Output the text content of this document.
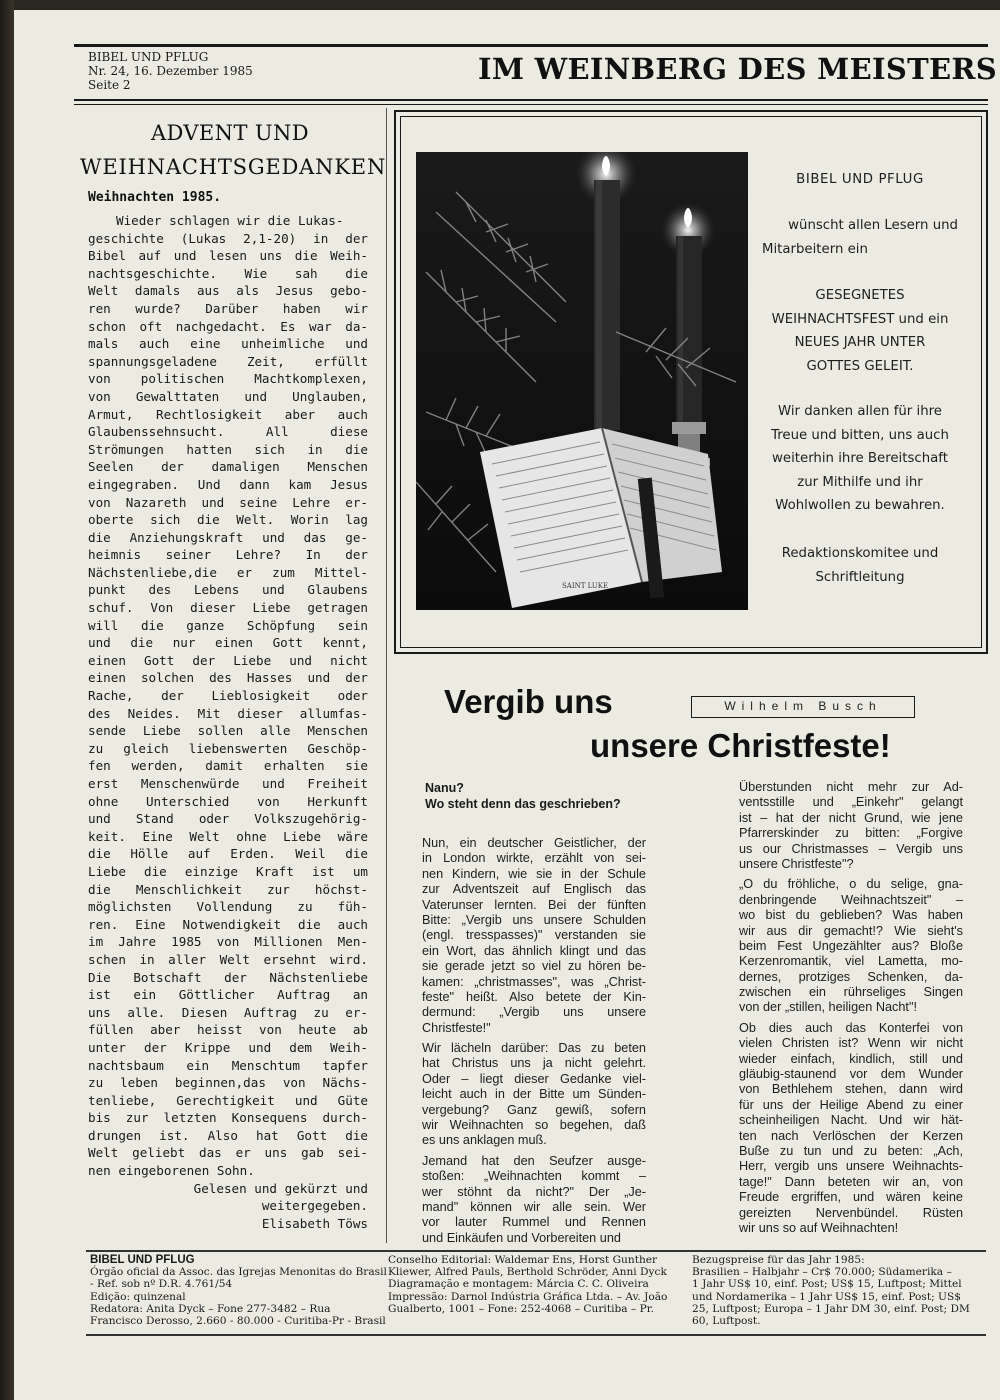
BIBEL UND PFLUG
Nr. 24, 16. Dezember 1985
Seite 2	IM WEINBERG DES MEISTERS
ADVENT UND
WEIHNACHTSGEDANKEN
Weihnachten 1985.
Wieder schlagen wir die Lukas-
geschichte (Lukas 2,1-20) in der
Bibel auf und lesen uns die Weih-
nachtsgeschichte. Wie sah die
Welt damals aus als Jesus gebo-
ren wurde? Darüber haben wir
schon oft nachgedacht. Es war da-
mals auch eine unheimliche und
spannungsgeladene Zeit, erfüllt
von politischen Machtkomplexen,
von Gewalttaten und Unglauben,
Armut, Rechtlosigkeit aber auch
Glaubenssehnsucht. All diese
Strömungen hatten sich in die
Seelen der damaligen Menschen
eingegraben. Und dann kam Jesus
von Nazareth und seine Lehre er-
oberte sich die Welt. Worin lag
die Anziehungskraft und das ge-
heimnis seiner Lehre? In der
Nächstenliebe,die er zum Mittel-
punkt des Lebens und Glaubens
schuf. Von dieser Liebe getragen
will die ganze Schöpfung sein
und die nur einen Gott kennt,
einen Gott der Liebe und nicht
einen solchen des Hasses und der
Rache, der Lieblosigkeit oder
des Neides. Mit dieser allumfas-
sende Liebe sollen alle Menschen
zu gleich liebenswerten Geschöp-
fen werden, damit erhalten sie
erst Menschenwürde und Freiheit
ohne Unterschied von Herkunft
und Stand oder Volkszugehörig-
keit. Eine Welt ohne Liebe wäre
die Hölle auf Erden. Weil die
Liebe die einzige Kraft ist um
die Menschlichkeit zur höchst-
möglichsten Vollendung zu füh-
ren. Eine Notwendigkeit die auch
im Jahre 1985 von Millionen Men-
schen in aller Welt ersehnt wird.
Die Botschaft der Nächstenliebe
ist ein Göttlicher Auftrag an
uns alle. Diesen Auftrag zu er-
füllen aber heisst von heute ab
unter der Krippe und dem Weih-
nachtsbaum ein Menschtum tapfer
zu leben beginnen,das von Nächs-
tenliebe, Gerechtigkeit und Güte
bis zur letzten Konsequens durch-
drungen ist. Also hat Gott die
Welt geliebt das er uns gab sei-
nen eingeborenen Sohn.
Gelesen und gekürzt und
weitergegeben.
Elisabeth Töws
SAINT LUKE
BIBEL UND PFLUG
wünscht allen Lesern und
Mitarbeitern ein
GESEGNETES
WEIHNACHTSFEST und ein
NEUES JAHR UNTER
GOTTES GELEIT.
Wir danken allen für ihre
Treue und bitten, uns auch
weiterhin ihre Bereitschaft
zur Mithilfe und ihr
Wohlwollen zu bewahren.
Redaktionskomitee und
Schriftleitung
Vergib uns
unsere Christfeste!
Wilhelm Busch
Nanu?
Wo steht denn das geschrieben?
Nun, ein deutscher Geistlicher, der
in London wirkte, erzählt von sei-
nen Kindern, wie sie in der Schule
zur Adventszeit auf Englisch das
Vaterunser lernten. Bei der fünften
Bitte: „Vergib uns unsere Schulden
(engl. tresspasses)" verstanden sie
ein Wort, das ähnlich klingt und das
sie gerade jetzt so viel zu hören be-
kamen: „christmasses", was „Christ-
feste" heißt. Also betete der Kin-
dermund: „Vergib uns unsere
Christfeste!"
Wir lächeln darüber: Das zu beten
hat Christus uns ja nicht gelehrt.
Oder – liegt dieser Gedanke viel-
leicht auch in der Bitte um Sünden-
vergebung? Ganz gewiß, sofern
wir Weihnachten so begehen, daß
es uns anklagen muß.
Jemand hat den Seufzer ausge-
stoßen: „Weihnachten kommt –
wer stöhnt da nicht?" Der „Je-
mand" können wir alle sein. Wer
vor lauter Rummel und Rennen
und Einkäufen und Vorbereiten und
Überstunden nicht mehr zur Ad-
ventsstille und „Einkehr" gelangt
ist – hat der nicht Grund, wie jene
Pfarrerskinder zu bitten: „Forgive
us our Christmasses – Vergib uns
unsere Christfeste"?
„O du fröhliche, o du selige, gna-
denbringende Weihnachtszeit" –
wo bist du geblieben? Was haben
wir aus dir gemacht!? Wie sieht's
beim Fest Ungezählter aus? Bloße
Kerzenromantik, viel Lametta, mo-
dernes, protziges Schenken, da-
zwischen ein rührseliges Singen
von der „stillen, heiligen Nacht"!
Ob dies auch das Konterfei von
vielen Christen ist? Wenn wir nicht
wieder einfach, kindlich, still und
gläubig-staunend vor dem Wunder
von Bethlehem stehen, dann wird
für uns der Heilige Abend zu einer
scheinheiligen Nacht. Und wir hät-
ten nach Verlöschen der Kerzen
Buße zu tun und zu beten: „Ach,
Herr, vergib uns unsere Weihnachts-
tage!" Dann beteten wir an, von
Freude ergriffen, und wären keine
gereizten Nervenbündel. Rüsten
wir uns so auf Weihnachten!
BIBEL UND PFLUG
Órgão oficial da Assoc. das Igrejas Menonitas do Brasil
- Ref. sob nº D.R. 4.761/54
Edição: quinzenal
Redatora: Anita Dyck – Fone 277-3482 – Rua
Francisco Derosso, 2.660 - 80.000 - Curitiba-Pr - Brasil
Conselho Editorial: Waldemar Ens, Horst Gunther
Kliewer, Alfred Pauls, Berthold Schröder, Anni Dyck
Diagramação e montagem: Márcia C. C. Oliveira
Impressão: Darnol Indústria Gráfica Ltda. – Av. João
Gualberto, 1001 – Fone: 252-4068 – Curitiba – Pr.
Bezugspreise für das Jahr 1985:
Brasilien – Halbjahr – Cr$ 70.000; Südamerika –
1 Jahr US$ 10, einf. Post; US$ 15, Luftpost; Mittel
und Nordamerika – 1 Jahr US$ 15, einf. Post; US$
25, Luftpost; Europa – 1 Jahr DM 30, einf. Post; DM
60, Luftpost.
